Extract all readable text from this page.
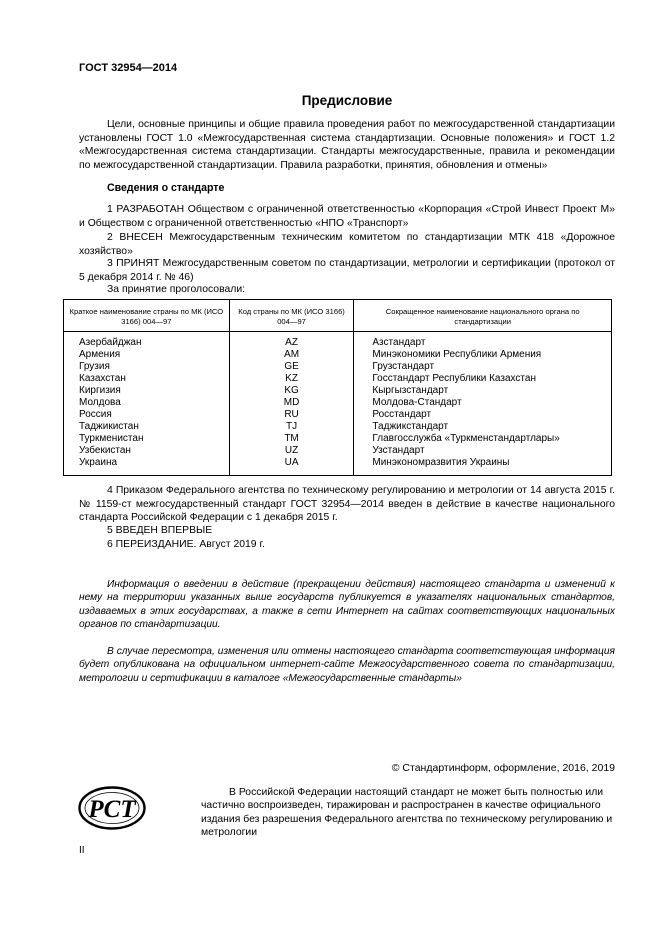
ГОСТ 32954—2014
Предисловие
Цели, основные принципы и общие правила проведения работ по межгосударственной стандартизации установлены ГОСТ 1.0 «Межгосударственная система стандартизации. Основные положения» и ГОСТ 1.2 «Межгосударственная система стандартизации. Стандарты межгосударственные, правила и рекомендации по межгосударственной стандартизации. Правила разработки, принятия, обновления и отмены»
Сведения о стандарте
1 РАЗРАБОТАН Обществом с ограниченной ответственностью «Корпорация «Строй Инвест Проект М» и Обществом с ограниченной ответственностью «НПО «Транспорт»
2 ВНЕСЕН Межгосударственным техническим комитетом по стандартизации МТК 418 «Дорожное хозяйство»
3 ПРИНЯТ Межгосударственным советом по стандартизации, метрологии и сертификации (протокол от 5 декабря 2014 г. № 46)
За принятие проголосовали:
Краткое наименование страны по МК (ИСО 3166) 004—97	Код страны по МК (ИСО 3166) 004—97	Сокращенное наименование национального органа по стандартизации
Азербайджан	AZ	Азстандарт
Армения	AM	Минэкономики Республики Армения
Грузия	GE	Грузстандарт
Казахстан	KZ	Госстандарт Республики Казахстан
Киргизия	KG	Кыргызстандарт
Молдова	MD	Молдова-Стандарт
Россия	RU	Росстандарт
Таджикистан	TJ	Таджикстандарт
Туркменистан	TM	Главгосслужба «Туркменстандартлары»
Узбекистан	UZ	Узстандарт
Украина	UA	Минэкономразвития Украины
4 Приказом Федерального агентства по техническому регулированию и метрологии от 14 августа 2015 г. № 1159-ст межгосударственный стандарт ГОСТ 32954—2014 введен в действие в качестве национального стандарта Российской Федерации с 1 декабря 2015 г.
5 ВВЕДЕН ВПЕРВЫЕ
6 ПЕРЕИЗДАНИЕ. Август 2019 г.
Информация о введении в действие (прекращении действия) настоящего стандарта и изменений к нему на территории указанных выше государств публикуется в указателях национальных стандартов, издаваемых в этих государствах, а также в сети Интернет на сайтах соответствующих национальных органов по стандартизации.
В случае пересмотра, изменения или отмены настоящего стандарта соответствующая информация будет опубликована на официальном интернет-сайте Межгосударственного совета по стандартизации, метрологии и сертификации в каталоге «Межгосударственные стандарты»
© Стандартинформ, оформление, 2016, 2019
РСТ
В Российской Федерации настоящий стандарт не может быть полностью или частично воспроизведен, тиражирован и распространен в качестве официального издания без разрешения Федерального агентства по техническому регулированию и метрологии
II
